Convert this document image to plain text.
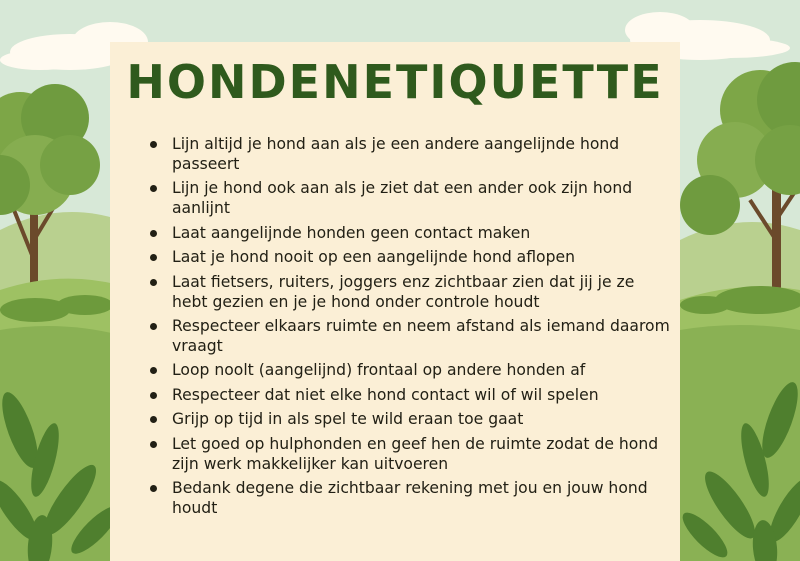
HONDENETIQUETTE
Lijn altijd je hond aan als je een andere aangelijnde hond passeert
Lijn je hond ook aan als je ziet dat een ander ook zijn hond aanlijnt
Laat aangelijnde honden geen contact maken
Laat je hond nooit op een aangelijnde hond aflopen
Laat fietsers, ruiters, joggers enz zichtbaar zien dat jij je ze hebt gezien en je je hond onder controle houdt
Respecteer elkaars ruimte en neem afstand als iemand daarom vraagt
Loop noolt (aangelijnd) frontaal op andere honden af
Respecteer dat niet elke hond contact wil of wil spelen
Grijp op tijd in als spel te wild eraan toe gaat
Let goed op hulphonden en geef hen de ruimte zodat de hond zijn werk makkelijker kan uitvoeren
Bedank degene die zichtbaar rekening met jou en jouw hond houdt
